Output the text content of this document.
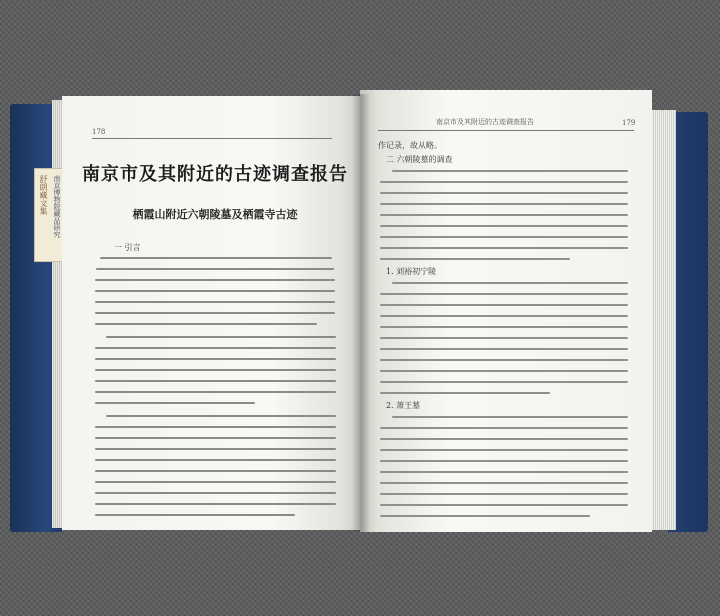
舒朗藏文集 南京博物院藏品研究
178
南京市及其附近的古迹调查报告
栖霞山附近六朝陵墓及栖霞寺古迹
一 引言
南京市及其附近的古迹调查报告	179
作记录，故从略。
二 六朝陵墓的调查
1. 刘裕初宁陵
2. 萧王墓
